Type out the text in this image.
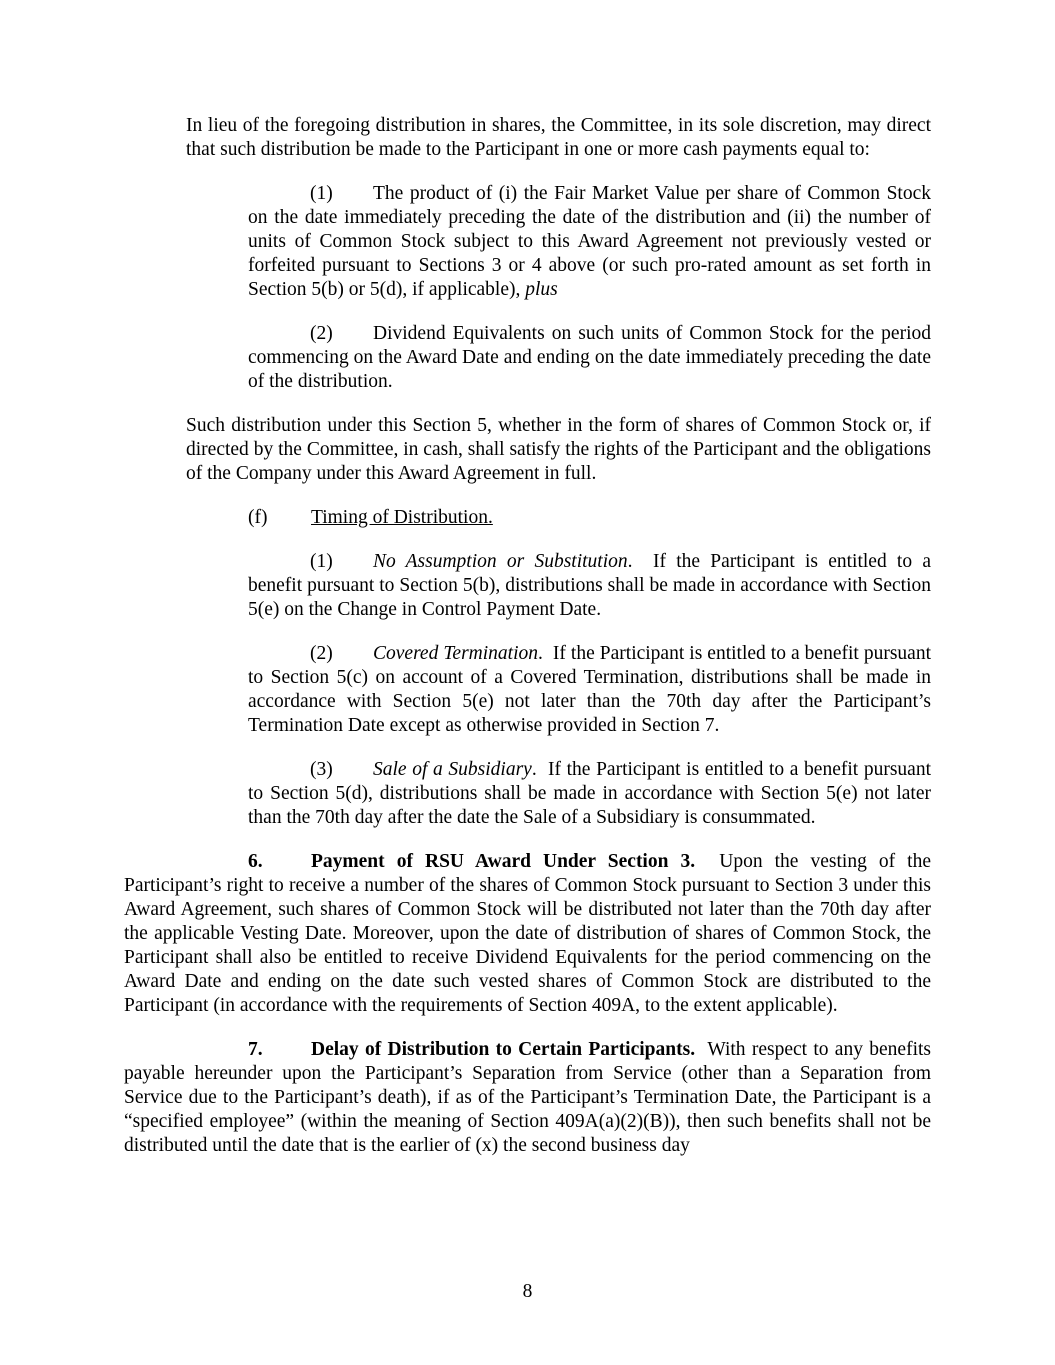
In lieu of the foregoing distribution in shares, the Committee, in its sole discretion, may direct that such distribution be made to the Participant in one or more cash payments equal to:

(1) The product of (i) the Fair Market Value per share of Common Stock on the date immediately preceding the date of the distribution and (ii) the number of units of Common Stock subject to this Award Agreement not previously vested or forfeited pursuant to Sections 3 or 4 above (or such pro-rated amount as set forth in Section 5(b) or 5(d), if applicable), plus

(2) Dividend Equivalents on such units of Common Stock for the period commencing on the Award Date and ending on the date immediately preceding the date of the distribution.

Such distribution under this Section 5, whether in the form of shares of Common Stock or, if directed by the Committee, in cash, shall satisfy the rights of the Participant and the obligations of the Company under this Award Agreement in full.

(f) Timing of Distribution.

(1) No Assumption or Substitution.  If the Participant is entitled to a benefit pursuant to Section 5(b), distributions shall be made in accordance with Section 5(e) on the Change in Control Payment Date.

(2) Covered Termination.  If the Participant is entitled to a benefit pursuant to Section 5(c) on account of a Covered Termination, distributions shall be made in accordance with Section 5(e) not later than the 70th day after the Participant’s Termination Date except as otherwise provided in Section 7.

(3) Sale of a Subsidiary.  If the Participant is entitled to a benefit pursuant to Section 5(d), distributions shall be made in accordance with Section 5(e) not later than the 70th day after the date the Sale of a Subsidiary is consummated.

6. Payment of RSU Award Under Section 3. Upon the vesting of the Participant’s right to receive a number of the shares of Common Stock pursuant to Section 3 under this Award Agreement, such shares of Common Stock will be distributed not later than the 70th day after the applicable Vesting Date. Moreover, upon the date of distribution of shares of Common Stock, the Participant shall also be entitled to receive Dividend Equivalents for the period commencing on the Award Date and ending on the date such vested shares of Common Stock are distributed to the Participant (in accordance with the requirements of Section 409A, to the extent applicable).

7. Delay of Distribution to Certain Participants. With respect to any benefits payable hereunder upon the Participant’s Separation from Service (other than a Separation from Service due to the Participant’s death), if as of the Participant’s Termination Date, the Participant is a “specified employee” (within the meaning of Section 409A(a)(2)(B)), then such benefits shall not be distributed until the date that is the earlier of (x) the second business day

8
